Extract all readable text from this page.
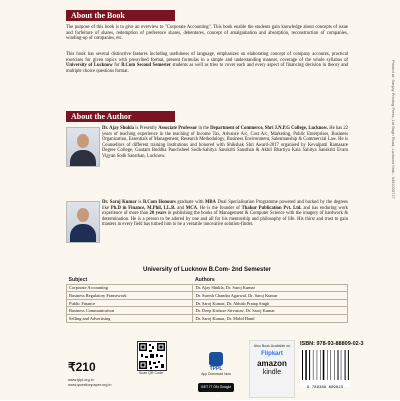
About the Book

The purpose of this book is to give an overview to "Corporate Accounting". This book enable the students gain knowledge about concepts of issue and forfeiture of shares, redemption of preference shares, debentures, concept of amalgamation and absorption, reconstruction of companies, winding-up of companies, etc.

This book has several distinctive features including usefulness of language, emphasizes on elaborating concept of company accounts, practical exercises for given topics with prescribed format, present formulas in a simple and understanding manner, coverage of the whole syllabus of University of Lucknow for B.Com Second Semester students as well as tries to cover each and every aspect of financing decision in theory and multiple choice questions format.

About the Author

Dr. Ajay Shukla is Presently Associate Professor in the Department of Commerce, Shri J.N.P.G College, Lucknow. He has 22 years of teaching experience in the teaching of Income Tax, Advance A/c, Cost A/c, Marketing, Public Enterprises, Business Organization, Essentials of Management, Research Methodology, Business Environment, Salesmanship & Commercial Law. He is Counsellors of different training institutions and honored with Shikshak Shri Award-2017 organised by Kevalpatti Ramasare Degree College, Gautam Buddha Panchsheel Sodh-Sahitya Sanskriti Sansthan & Akhil Bhartiya Kala Sahitya Sanskriti Evam Vigyan Sodh Sansthan, Lucknow.

Dr. Saroj Kumar is B.Com Honours graduate with MBA Dual Specialisation Programme powered and backed by the degrees like Ph.D in Finance, M.Phil, LL.B. and MCA. He is the founder of Thakur Publication Pvt. Ltd. and has enduring work experience of more than 20 years in publishing the books of Management & Computer Science with the imagery of hardwork & determination. He is a person to be adored by one and all for his mentorship and philosophy of life. His thirst and trust to gain masters in every field has turned him to be a versatile innovative solution-finder.

University of Lucknow B.Com- 2nd Semester
Subject	Authors
Corporate Accounting	Dr. Ajay Shukla, Dr. Saroj Kumar
Business Regulatory Framework	Dr. Suresh Chandra Agarwal, Dr. Saroj Kumar
Public Finance	Dr. Saroj Kumar, Dr. Abhish Pratap Singh
Business Communication	Dr. Deep Kishore Srivastav, Dr. Saroj Kumar
Selling and Advertising	Dr. Saroj Kumar, Dr. Mohd Hanif
₹210
www.tppl.org.in
www.questionpaper.org.in
Scan QR Code
TPPL
App Download Now
GET IT ON Google Play
Also Book Available on
Flipkart
amazon
kindle
ISBN: 978-93-88809-02-3
9 789388 809023
Printed at: Sanjay Printing Press, Lal Bagh Road, Lucknow Mob.- 9452028727
